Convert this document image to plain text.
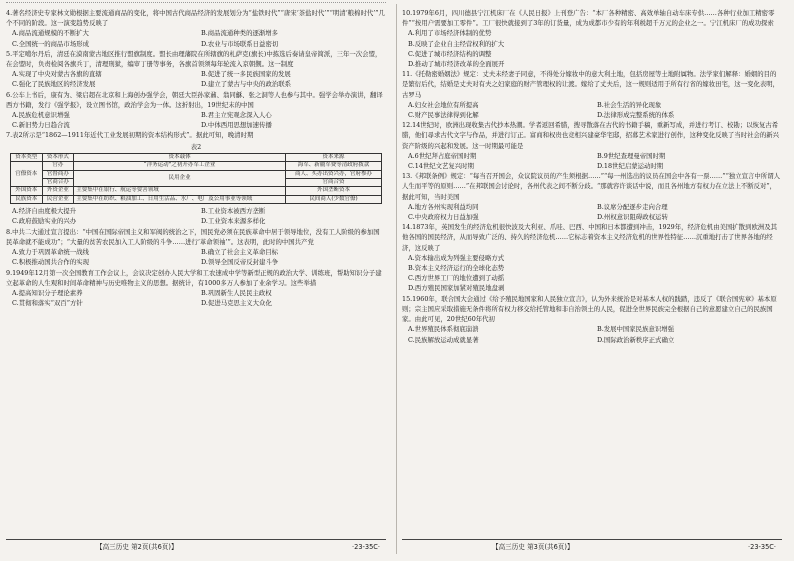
4.著名经济史专家林文勋根据主要流通商品的变化，将中国古代商品经济的发展划分为“盐铁时代”“唐宋‘茶盐时代’”“明清‘粮棉时代’”几个不同的阶段。这一演变趋势反映了

A.商品流通规模的不断扩大	B.商品流通种类的逐渐增多
C.全国统一的商品市场形成	D.农业与市场联系日益密切

5.平定噶尔丹后，清廷在漠南蒙古地区推行盟旗制度。盟长由理藩院在所辖旗的札萨克(旗长)中拣选后奏请皇帝简派，三年一次会盟，在会盟时，负责检阅各旗兵丁，清理刑狱，编审丁册等事务，各旗首领须每年轮流入京朝觐。这一制度

A.实现了中央对蒙古各旗的直辖	B.促进了统一多民族国家的发展
C.强化了民族地区的经济发展	D.建立了蒙古与中央的政治联系

6.公车上书后，康有为、梁启超在北京和上海创办强学会，朝廷大臣孙家鼐、翁同龢、张之洞等人也参与其中。强学会举办演讲，翻译西方书籍，发行《强学报》，设立图书馆，政治学会为一体。这折射出，19世纪末的中国

A.民族危机意识增强	B.君主立宪观念深入人心
C.新旧势力日趋合流	D.中体西用思想加速传播

7.表2所示是“1862—1911年近代工业发展初期的资本结构形式”。据此可知，晚清时期

表2
资本类型	资本形式	资本载体	资本来源
官僚资本	官办	“洋务运动”之初开办军工企业	海军、新疆军费等清政府拨款
	官督商办	民用企业	商人、买办出资兴办，官府参办
	官商合办		官商合资
外国资本	外资企业	主要集中在银行、航运等要害领域	外国垄断资本
民族资本	民营企业	主要集中在纺织、粮油加工、日用生活品、水厂、电厂及公用事业等领域	民间商人(少数官僚)
A.经济自由度极大提升	B.工业资本被西方垄断
C.政府鼓励实业的兴办	D.工业资本来源多样化

8.中共二大通过宣言提出：“中国在国际帝国主义和军阀的统治之下，国民党必须在民族革命中居于领导地位，没有工人阶级的参加国民革命就不能成功”；“大量的贫苦农民加入工人阶级的斗争……进行‘革命领袖’”。这表明，此时的中国共产党

A.致力于巩固革命统一战线	B.确立了社会主义革命目标
C.积极推动国共合作的实现	D.领导全国反帝反封建斗争

9.1949年12月第一次全国教育工作会议上，会议决定创办人民大学和工农速成中学等新型正规的政治大学、训练班，帮助知识分子建立起革命的人生观和时间革命精神与历史唯物主义的思想。据统计，有1000多万人参加了业余学习。这些举措

A.提高知识分子理论素养	B.巩固新生人民民主政权
C.贯彻和落实“双百”方针	D.促进马克思主义大众化

10.1979年6月，四川德县宁江机床厂在《人民日报》上刊登广告：“本厂各种精密、高效单轴自动车床专供……各种行业加工精密零件”“按用户需要加工零件”。工厂很快就接到了3年的订货量，成为成都市少有的年利税超千万元的企业之一。宁江机床厂的成功探索

A.利用了市场经济体制的优势
B.反映了企业自主经营权利的扩大
C.促进了城市经济结构的调整
D.推动了城市经济改革的全面展开

11.《托勒密婚姻法》规定：丈夫未经妻子同意，不得处分嫁妆中的意大利土地，包括房屋等土地附属物。法学家们解释：婚姻的目的是繁衍后代，结婚是丈夫对有夫之妇家庭的财产管理权的让渡。嫁给了丈夫后，这一规则适用于所有行省的嫁妆田宅，这一变化表明，古罗马

A.妇女社会地位有所提高	B.社会生活的异化现象
C.财产民事法律得到化解	D.法律形成完整系统的体系

12.14世纪时，欧洲出现收集古代抄本热潮。学者返回希腊，搜寻散落在古代的书籍手稿，重新写成，并进行考订、校勘；以恢复古希腊，他们尋求古代文字与作品，并进行订正。富商和权贵也竞相兴建豪华宅邸，招募艺术家进行创作，这种变化反映了当时社会的新兴资产阶级的兴起和发展。这一时期最可能是

A.6世纪拜占庭帝国时期	B.9世纪查理曼帝国时期
C.14世纪文艺复兴时期	D.18世纪启蒙运动时期

13.《邦联条例》规定：“每当召开国会，众议院议员的产生须根据……”“每一州选出的议员在国会中各有一票……”“独立宣言中所谓人人生而平等的原则……”在邦联国会讨论时，各州代表之间不断分歧。“那就容许谈话中说，而且各州地方有权力在立法上不断反对”，据此可知，当时美国

A.地方各州实现利益均同	B.议席分配逐步走向合理
C.中央政府权力日益加强	D.州权意识阻碍政权运转

14.1873年，英国发生的经济危机很快波及大利亚、爪哇、巴西、中国和日本都遭到冲击，1929年，经济危机由美国扩散到欧洲及其他各国的国民经济，从而导致广泛的、持久的经济危机……它标志着资本主义经济危机的世界性特征……沉重地打击了世界各地的经济，这反映了

A.资本输出成为列强主要侵略方式
B.资本主义经济运行的全球化态势
C.西方世界工厂的地位遭到了动摇
D.西方殖民国家加紧对殖民地盘剥

15.1960年，联合国大会通过《给予殖民地国家和人民独立宣言》，认为外来统治是对基本人权的践踏，违反了《联合国宪章》基本原则；宗主国应采取措施无条件将所有权力移交给托管地和非自治领土的人民，促进全世界民族完全根据自己的意愿建立自己的民族国家。由此可见，20世纪60年代初

A.世界殖民体系彻底崩溃	B.发展中国家民族意识增强
C.民族解放运动成就显著	D.国际政治新秩序正式确立
【高三历史 第2页(共6页)】	·23-35C·	【高三历史 第3页(共6页)】	·23-35C·
